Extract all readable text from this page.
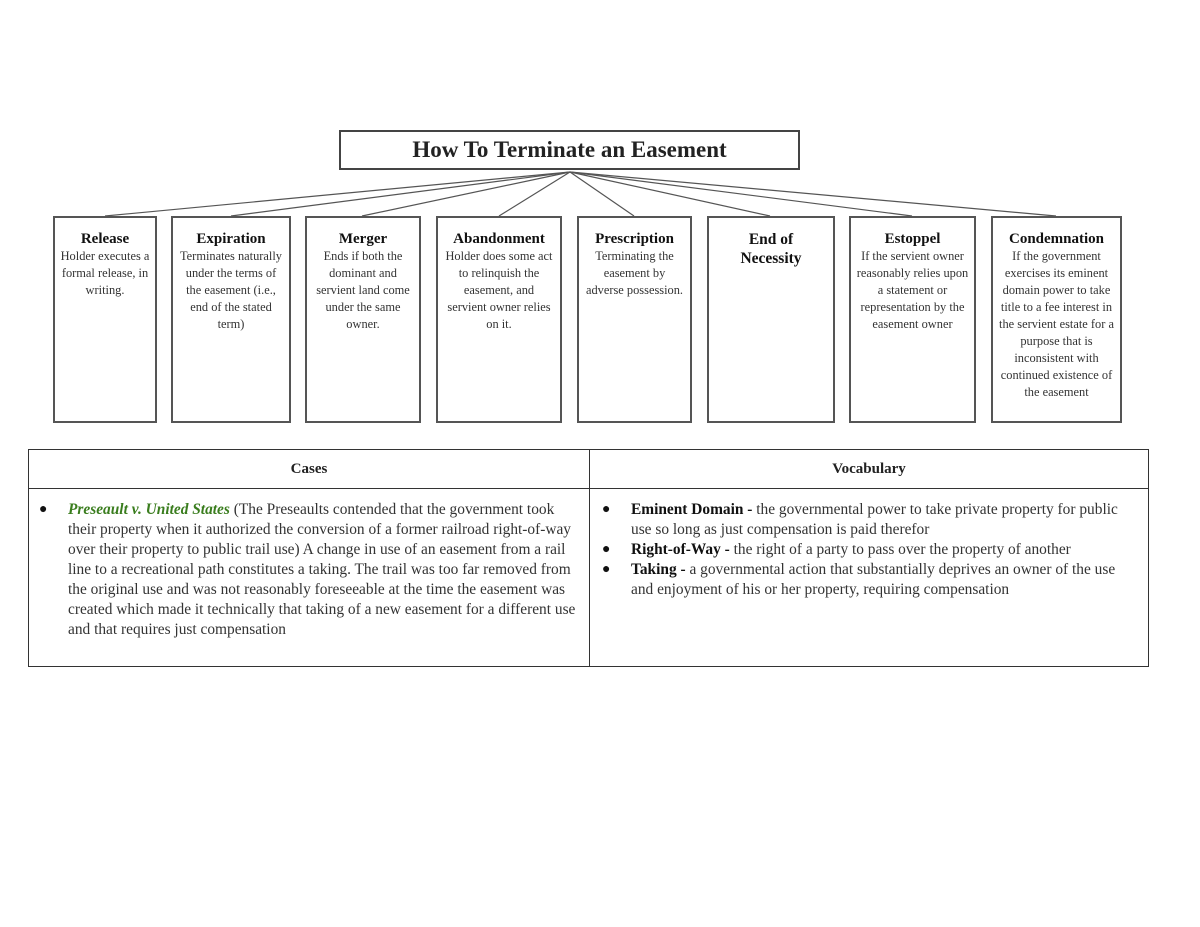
How To Terminate an Easement
Release
Holder executes a formal release, in writing.
Expiration
Terminates naturally under the terms of the easement (i.e., end of the stated term)
Merger
Ends if both the dominant and servient land come under the same owner.
Abandonment
Holder does some act to relinquish the easement, and servient owner relies on it.
Prescription
Terminating the easement by adverse possession.
End of Necessity
Estoppel
If the servient owner reasonably relies upon a statement or representation by the easement owner
Condemnation
If the government exercises its eminent domain power to take title to a fee interest in the servient estate for a purpose that is inconsistent with continued existence of the easement
Cases
● Preseault v. United States (The Preseaults contended that the government took their property when it authorized the conversion of a former railroad right-of-way over their property to public trail use) A change in use of an easement from a rail line to a recreational path constitutes a taking. The trail was too far removed from the original use and was not reasonably foreseeable at the time the easement was created which made it technically that taking of a new easement for a different use and that requires just compensation
Vocabulary
● Eminent Domain - the governmental power to take private property for public use so long as just compensation is paid therefor
● Right-of-Way - the right of a party to pass over the property of another
● Taking - a governmental action that substantially deprives an owner of the use and enjoyment of his or her property, requiring compensation
